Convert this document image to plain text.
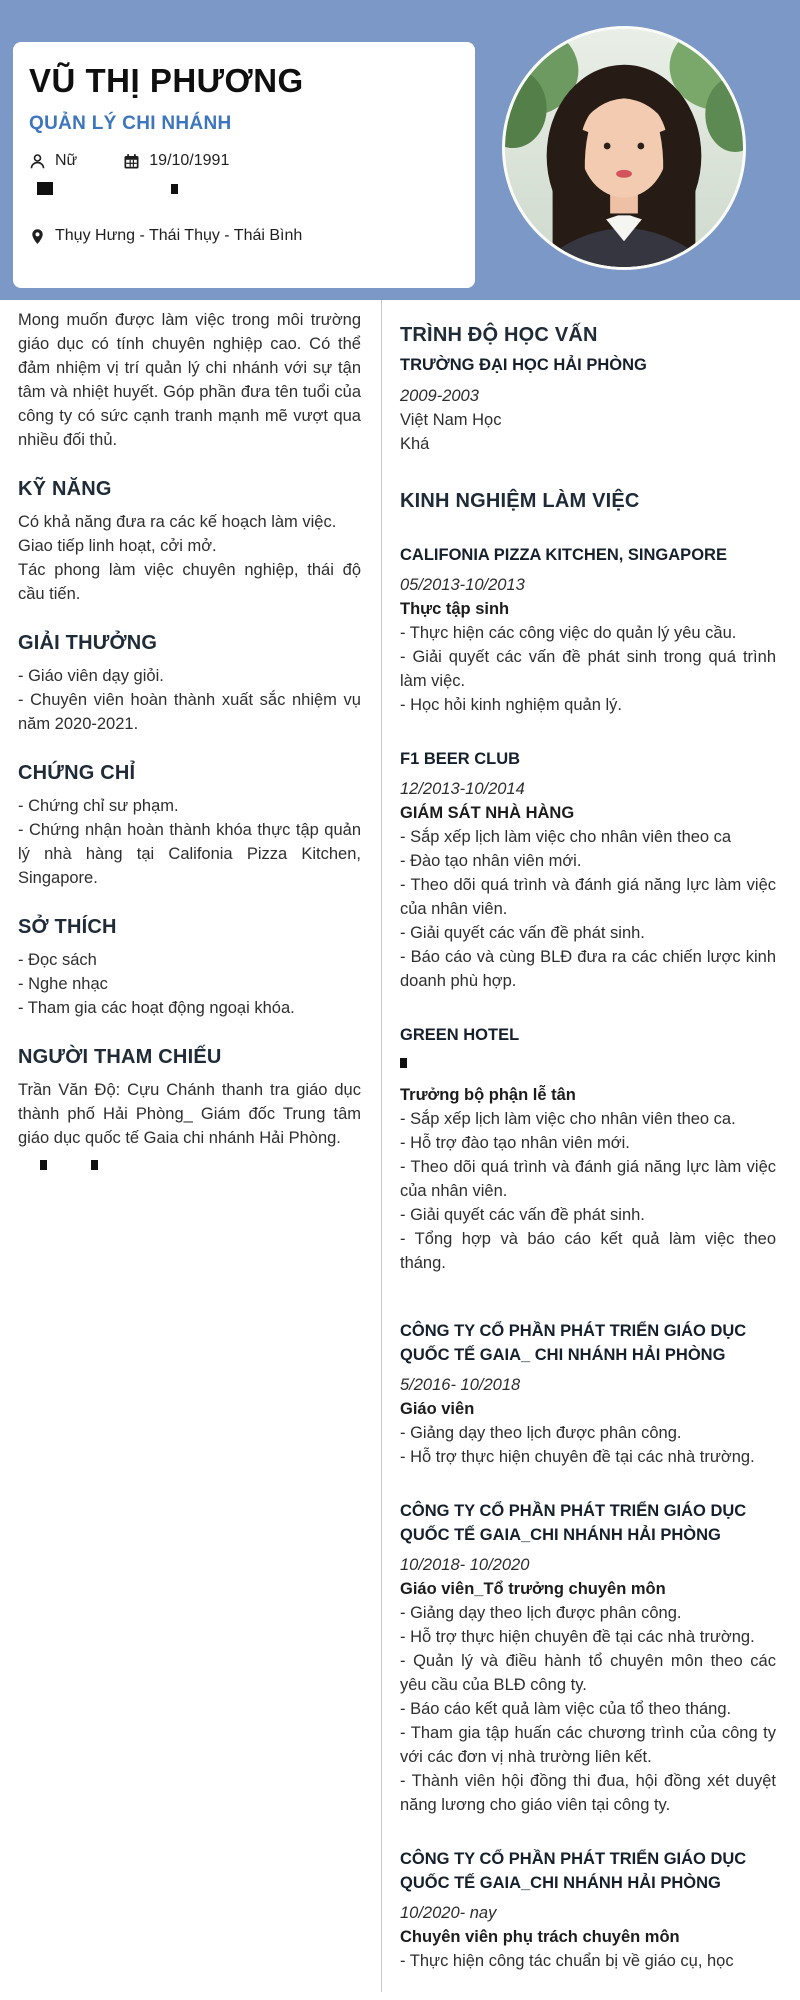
VŨ THỊ PHƯƠNG
QUẢN LÝ CHI NHÁNH
Nữ	19/10/1991
Thụy Hưng - Thái Thụy - Thái Bình

Mong muốn được làm việc trong môi trường giáo dục có tính chuyên nghiệp cao. Có thể đảm nhiệm vị trí quản lý chi nhánh với sự tận tâm và nhiệt huyết. Góp phần đưa tên tuổi của công ty có sức cạnh tranh mạnh mẽ vượt qua nhiều đối thủ.

KỸ NĂNG
Có khả năng đưa ra các kế hoạch làm việc.
Giao tiếp linh hoạt, cởi mở.
Tác phong làm việc chuyên nghiệp, thái độ cầu tiến.
GIẢI THƯỞNG
- Giáo viên dạy giỏi.
- Chuyên viên hoàn thành xuất sắc nhiệm vụ năm 2020-2021.
CHỨNG CHỈ
- Chứng chỉ sư phạm.
- Chứng nhận hoàn thành khóa thực tập quản lý nhà hàng tại Califonia Pizza Kitchen, Singapore.
SỞ THÍCH
- Đọc sách
- Nghe nhạc
- Tham gia các hoạt động ngoại khóa.
NGƯỜI THAM CHIẾU
Trần Văn Độ: Cựu Chánh thanh tra giáo dục thành phố Hải Phòng_ Giám đốc Trung tâm giáo dục quốc tế Gaia chi nhánh Hải Phòng.
TRÌNH ĐỘ HỌC VẤN
TRƯỜNG ĐẠI HỌC HẢI PHÒNG
2009-2003
Việt Nam Học
Khá
KINH NGHIỆM LÀM VIỆC
CALIFONIA PIZZA KITCHEN, SINGAPORE
05/2013-10/2013
Thực tập sinh
- Thực hiện các công việc do quản lý yêu cầu.
- Giải quyết các vấn đề phát sinh trong quá trình làm việc.
- Học hỏi kinh nghiệm quản lý.
F1 BEER CLUB
12/2013-10/2014
GIÁM SÁT NHÀ HÀNG
- Sắp xếp lịch làm việc cho nhân viên theo ca
- Đào tạo nhân viên mới.
- Theo dõi quá trình và đánh giá năng lực làm việc của nhân viên.
- Giải quyết các vấn đề phát sinh.
- Báo cáo và cùng BLĐ đưa ra các chiến lược kinh doanh phù hợp.
GREEN HOTEL
Trưởng bộ phận lễ tân
- Sắp xếp lịch làm việc cho nhân viên theo ca.
- Hỗ trợ đào tạo nhân viên mới.
- Theo dõi quá trình và đánh giá năng lực làm việc của nhân viên.
- Giải quyết các vấn đề phát sinh.
- Tổng hợp và báo cáo kết quả làm việc theo tháng.
CÔNG TY CỔ PHẦN PHÁT TRIỂN GIÁO DỤC QUỐC TẾ GAIA_ CHI NHÁNH HẢI PHÒNG
5/2016- 10/2018
Giáo viên
- Giảng dạy theo lịch được phân công.
- Hỗ trợ thực hiện chuyên đề tại các nhà trường.
CÔNG TY CỔ PHẦN PHÁT TRIỂN GIÁO DỤC QUỐC TẾ GAIA_CHI NHÁNH HẢI PHÒNG
10/2018- 10/2020
Giáo viên_Tổ trưởng chuyên môn
- Giảng dạy theo lịch được phân công.
- Hỗ trợ thực hiện chuyên đề tại các nhà trường.
- Quản lý và điều hành tổ chuyên môn theo các yêu cầu của BLĐ công ty.
- Báo cáo kết quả làm việc của tổ theo tháng.
- Tham gia tập huấn các chương trình của công ty với các đơn vị nhà trường liên kết.
- Thành viên hội đồng thi đua, hội đồng xét duyệt năng lương cho giáo viên tại công ty.
CÔNG TY CỔ PHẦN PHÁT TRIỂN GIÁO DỤC QUỐC TẾ GAIA_CHI NHÁNH HẢI PHÒNG
10/2020- nay
Chuyên viên phụ trách chuyên môn
- Thực hiện công tác chuẩn bị về giáo cụ, học
